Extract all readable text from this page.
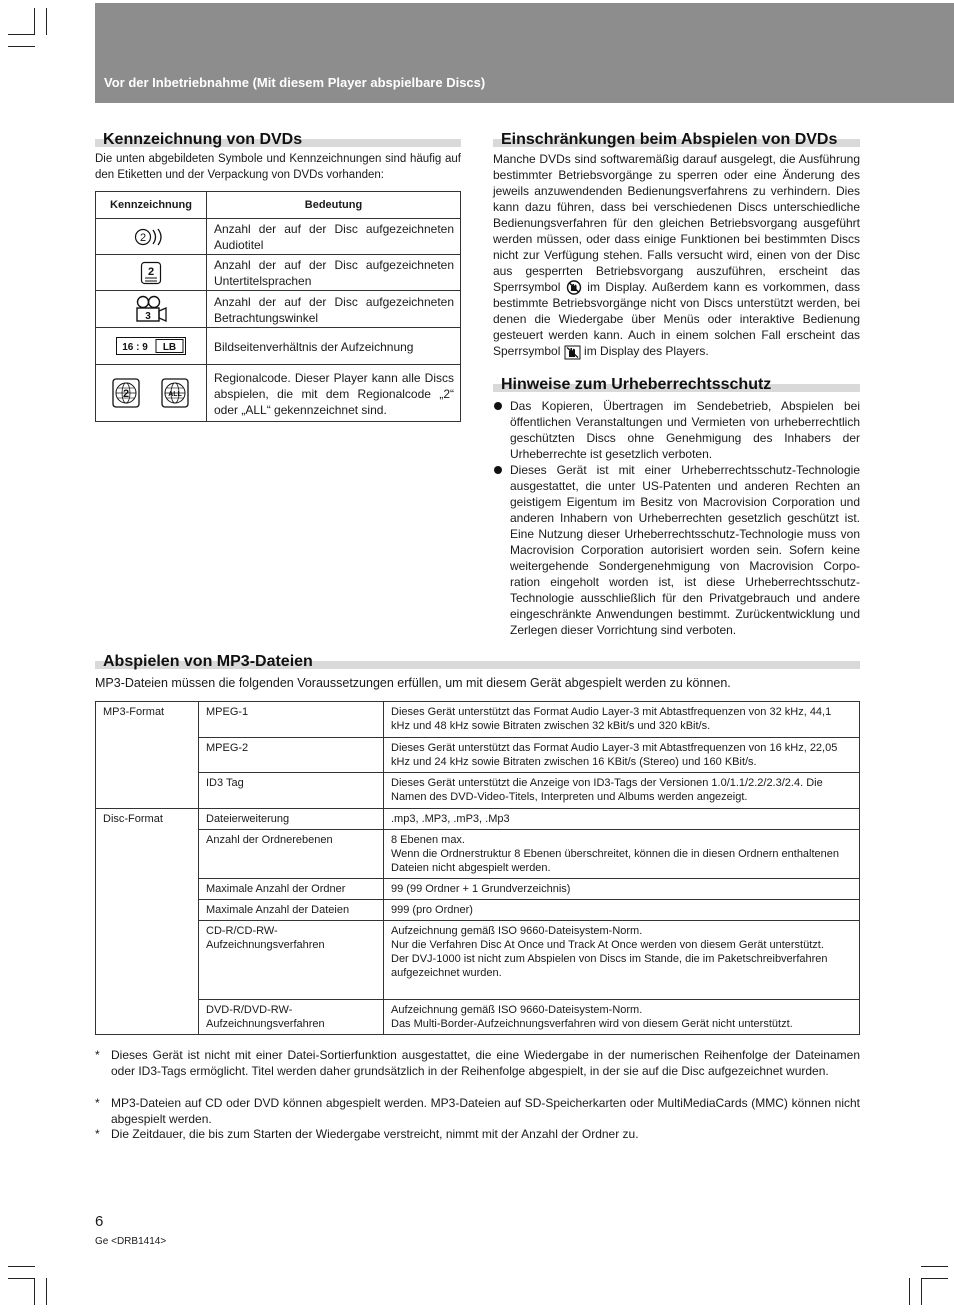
Vor der Inbetriebnahme (Mit diesem Player abspielbare Discs)
Kennzeichnung von DVDs
Die unten abgebildeten Symbole und Kennzeichnungen sind häufig auf den Etiketten und der Verpackung von DVDs vorhanden:
Kennzeichnung	Bedeutung

2	Anzahl der auf der Disc aufgezeichneten Audiotitel

2	Anzahl der auf der Disc aufgezeichneten Untertitelsprachen

3	Anzahl der auf der Disc aufgezeichneten Betrachtungswinkel

16 : 9 LB	Bildseitenverhältnis der Aufzeichnung

2 ALL	Regionalcode. Dieser Player kann alle Discs abspielen, die mit dem Regionalcode „2“ oder „ALL“ gekennzeichnet sind.
Einschränkungen beim Abspielen von DVDs
Manche DVDs sind softwaremäßig darauf ausgelegt, die Ausführung bestimmter Betriebsvorgänge zu sperren oder eine Änderung des jeweils anzuwendenden Bedienungsverfahrens zu verhindern. Dies kann dazu führen, dass bei verschiedenen Discs unterschiedliche Bedienungsverfahren für den gleichen Betriebsvorgang ausgeführt werden müssen, oder dass einige Funktionen bei bestimmten Discs nicht zur Verfügung stehen. Falls versucht wird, einen von der Disc aus gesperrten Betriebsvorgang auszuführen, erscheint das Sperrsymbol im Display. Außerdem kann es vorkommen, dass bestimmte Betriebsvorgänge nicht von Discs unterstützt werden, bei denen die Wiedergabe über Menüs oder interaktive Bedienung gesteuert werden kann. Auch in einem solchen Fall erscheint das Sperrsymbol im Display des Players.
Hinweise zum Urheberrechtsschutz
Das Kopieren, Übertragen im Sendebetrieb, Abspielen bei öffentlichen Veranstaltungen und Vermieten von urheberrechtlich geschützten Discs ohne Genehmigung des Inhabers der Urheberrechte ist gesetzlich verboten.
Dieses Gerät ist mit einer Urheberrechtsschutz-Technologie ausgestattet, die unter US-Patenten und anderen Rechten an geistigem Eigentum im Besitz von Macrovision Corporation und anderen Inhabern von Urheberrechten gesetzlich geschützt ist. Eine Nutzung dieser Urheberrechtsschutz-Technologie muss von Macrovision Corporation autorisiert worden sein. Sofern keine weitergehende Sondergenehmigung von Macrovision Corpo-ration eingeholt worden ist, ist diese Urheberrechtsschutz-Technologie ausschließlich für den Privatgebrauch und andere eingeschränkte Anwendungen bestimmt. Zurückentwicklung und Zerlegen dieser Vorrichtung sind verboten.
Abspielen von MP3-Dateien
MP3-Dateien müssen die folgenden Voraussetzungen erfüllen, um mit diesem Gerät abgespielt werden zu können.
MP3-Format	MPEG-1	Dieses Gerät unterstützt das Format Audio Layer-3 mit Abtastfrequenzen von 32 kHz, 44,1 kHz und 48 kHz sowie Bitraten zwischen 32 kBit/s und 320 kBit/s.
	MPEG-2	Dieses Gerät unterstützt das Format Audio Layer-3 mit Abtastfrequenzen von 16 kHz, 22,05 kHz und 24 kHz sowie Bitraten zwischen 16 KBit/s (Stereo) und 160 KBit/s.
	ID3 Tag	Dieses Gerät unterstützt die Anzeige von ID3-Tags der Versionen 1.0/1.1/2.2/2.3/2.4. Die Namen des DVD-Video-Titels, Interpreten und Albums werden angezeigt.
Disc-Format	Dateierweiterung	.mp3, .MP3, .mP3, .Mp3
	Anzahl der Ordnerebenen	8 Ebenen max.
Wenn die Ordnerstruktur 8 Ebenen überschreitet, können die in diesen Ordnern enthaltenen Dateien nicht abgespielt werden.
	Maximale Anzahl der Ordner	99 (99 Ordner + 1 Grundverzeichnis)
	Maximale Anzahl der Dateien	999 (pro Ordner)
	CD-R/CD-RW-
Aufzeichnungsverfahren	Aufzeichnung gemäß ISO 9660-Dateisystem-Norm.
Nur die Verfahren Disc At Once und Track At Once werden von diesem Gerät unterstützt.
Der DVJ-1000 ist nicht zum Abspielen von Discs im Stande, die im Paketschreibverfahren aufgezeichnet wurden.
	DVD-R/DVD-RW-
Aufzeichnungsverfahren	Aufzeichnung gemäß ISO 9660-Dateisystem-Norm.
Das Multi-Border-Aufzeichnungsverfahren wird von diesem Gerät nicht unterstützt.
* Dieses Gerät ist nicht mit einer Datei-Sortierfunktion ausgestattet, die eine Wiedergabe in der numerischen Reihenfolge der Dateinamen oder ID3-Tags ermöglicht. Titel werden daher grundsätzlich in der Reihenfolge abgespielt, in der sie auf die Disc aufgezeichnet wurden.
* MP3-Dateien auf CD oder DVD können abgespielt werden. MP3-Dateien auf SD-Speicherkarten oder MultiMediaCards (MMC) können nicht abgespielt werden.
* Die Zeitdauer, die bis zum Starten der Wiedergabe verstreicht, nimmt mit der Anzahl der Ordner zu.
6
Ge <DRB1414>
